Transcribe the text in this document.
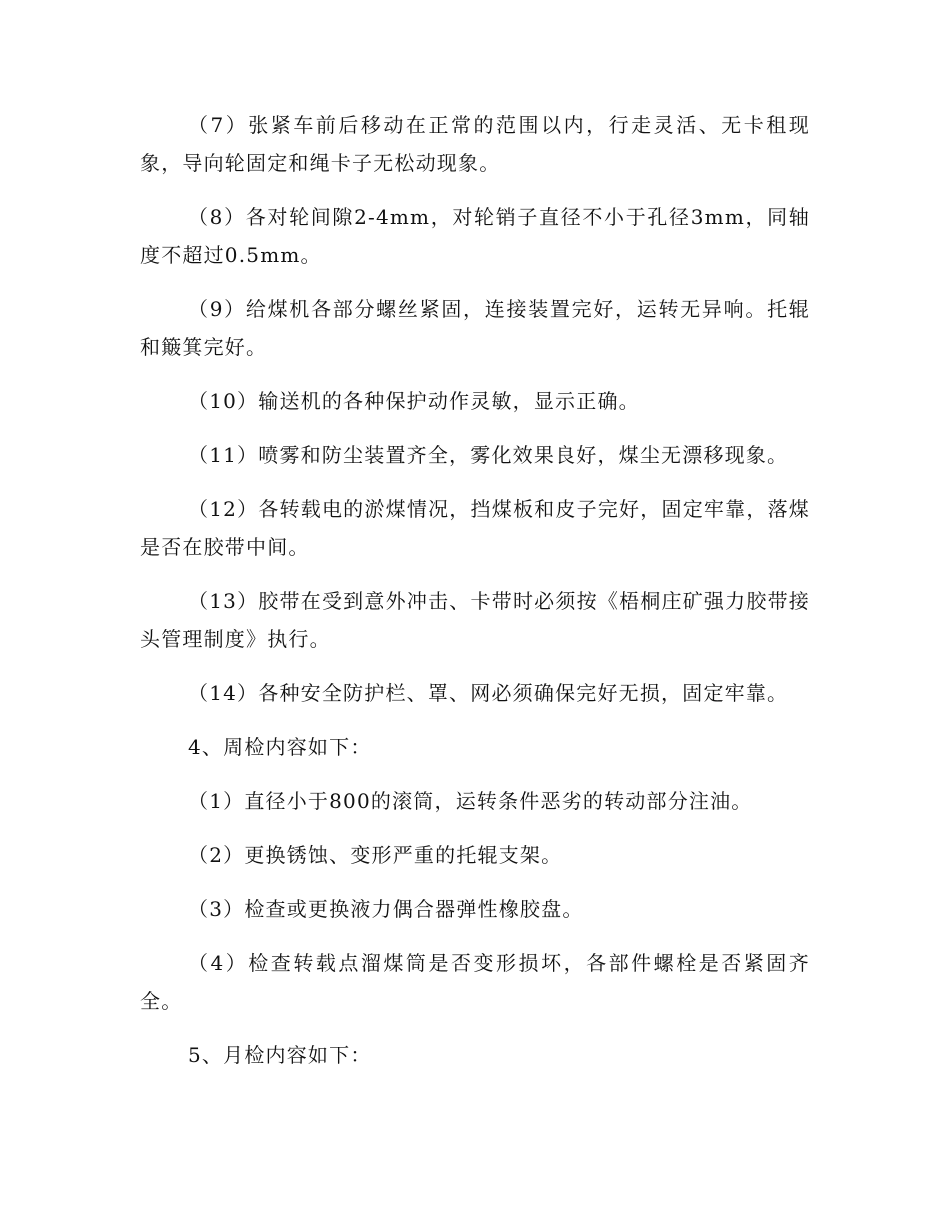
（7）张紧车前后移动在正常的范围以内，行走灵活、无卡租现象，导向轮固定和绳卡子无松动现象。

（8）各对轮间隙2-4mm，对轮销子直径不小于孔径3mm，同轴度不超过0.5mm。

（9）给煤机各部分螺丝紧固，连接装置完好，运转无异响。托辊和簸箕完好。

（10）输送机的各种保护动作灵敏，显示正确。

（11）喷雾和防尘装置齐全，雾化效果良好，煤尘无漂移现象。

（12）各转载电的淤煤情况，挡煤板和皮子完好，固定牢靠，落煤是否在胶带中间。

（13）胶带在受到意外冲击、卡带时必须按《梧桐庄矿强力胶带接头管理制度》执行。

（14）各种安全防护栏、罩、网必须确保完好无损，固定牢靠。

4、周检内容如下：

（1）直径小于800的滚筒，运转条件恶劣的转动部分注油。

（2）更换锈蚀、变形严重的托辊支架。

（3）检查或更换液力偶合器弹性橡胶盘。

（4）检查转载点溜煤筒是否变形损坏，各部件螺栓是否紧固齐全。

5、月检内容如下：
